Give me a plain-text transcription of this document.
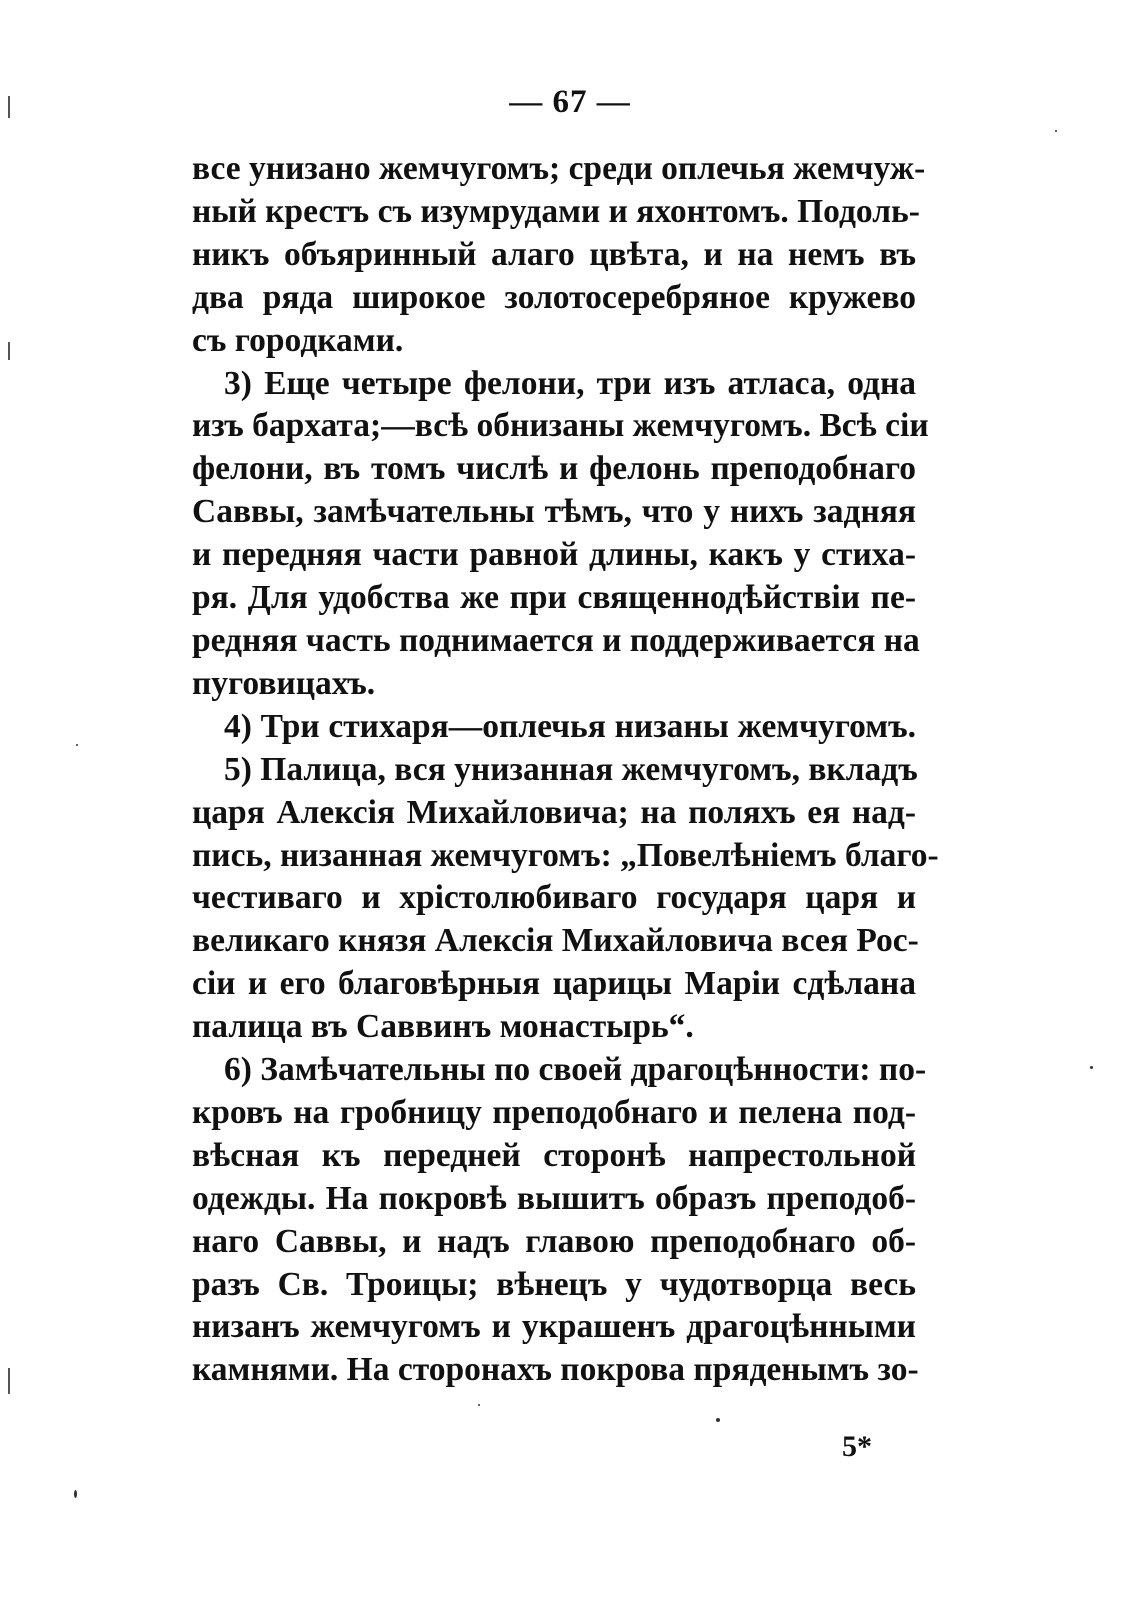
— 67 —
все унизано жемчугомъ; среди оплечья жемчуж-
ный крестъ съ изумрудами и яхонтомъ. Подоль-
никъ объяринный алаго цвѣта, и на немъ въ
два ряда широкое золотосеребряное кружево
съ городками.
3) Еще четыре фелони, три изъ атласа, одна
изъ бархата;—всѣ обнизаны жемчугомъ. Всѣ сіи
фелони, въ томъ числѣ и фелонь преподобнаго
Саввы, замѣчательны тѣмъ, что у нихъ задняя
и передняя части равной длины, какъ у стиха-
ря. Для удобства же при священнодѣйствіи пе-
редняя часть поднимается и поддерживается на
пуговицахъ.
4) Три стихаря—оплечья низаны жемчугомъ.
5) Палица, вся унизанная жемчугомъ, вкладъ
царя Алексія Михайловича; на поляхъ ея над-
пись, низанная жемчугомъ: „Повелѣніемъ благо-
честиваго и хрістолюбиваго государя царя и
великаго князя Алексія Михайловича всея Рос-
сіи и его благовѣрныя царицы Маріи сдѣлана
палица въ Саввинъ монастырь“.
6) Замѣчательны по своей драгоцѣнности: по-
кровъ на гробницу преподобнаго и пелена под-
вѣсная къ передней сторонѣ напрестольной
одежды. На покровѣ вышитъ образъ преподоб-
наго Саввы, и надъ главою преподобнаго об-
разъ Св. Троицы; вѣнецъ у чудотворца весь
низанъ жемчугомъ и украшенъ драгоцѣнными
камнями. На сторонахъ покрова пряденымъ зо-
5*
